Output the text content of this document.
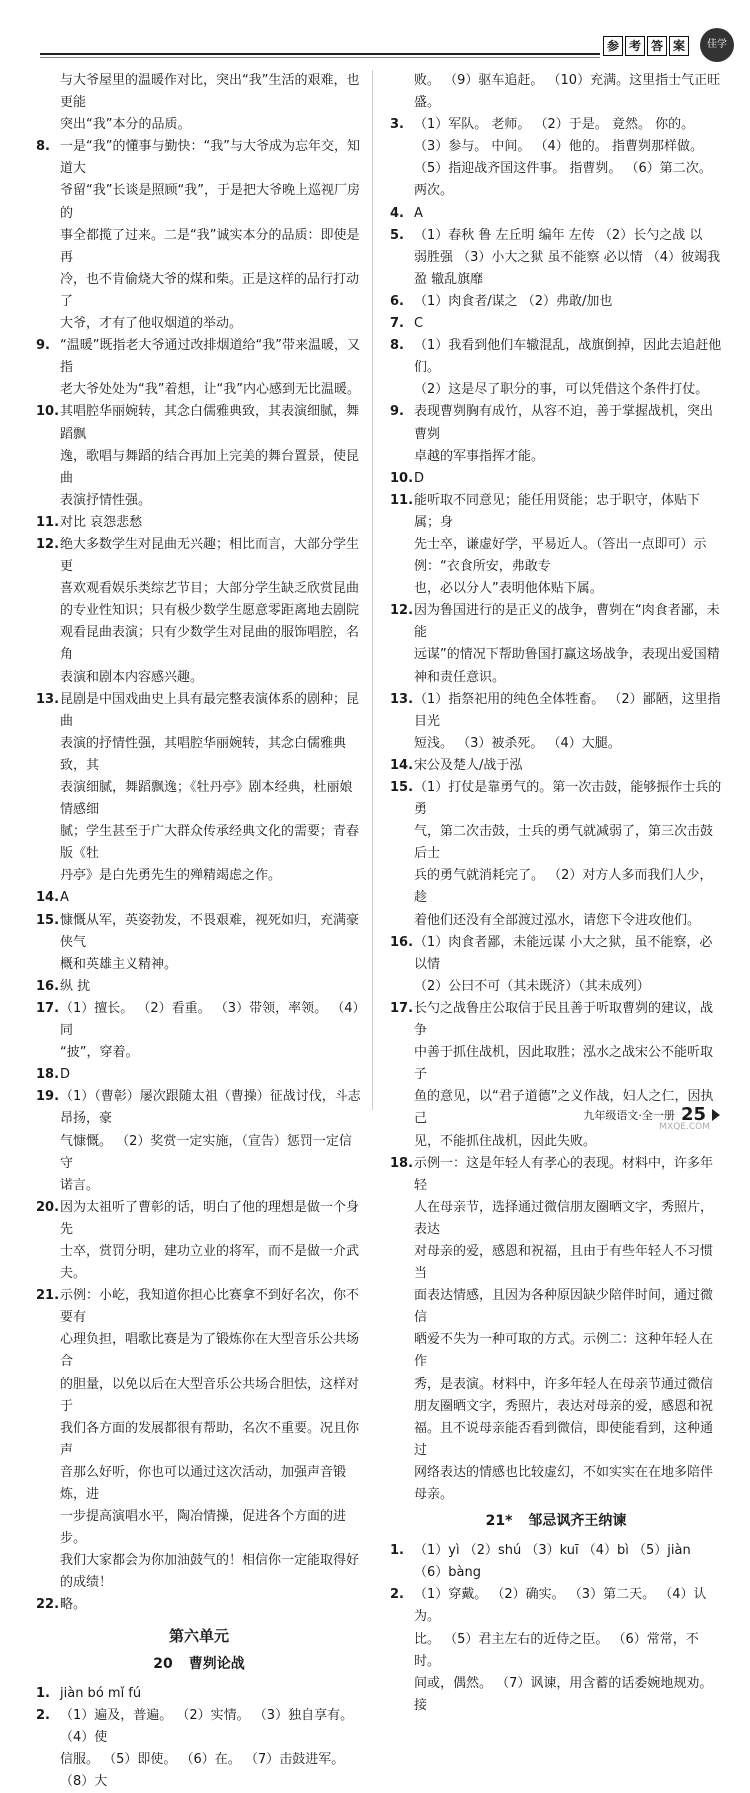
参 考 答 案	佳学
与大爷屋里的温暖作对比，突出“我”生活的艰难，也更能
突出“我”本分的品质。
8. 一是“我”的懂事与勤快：“我”与大爷成为忘年交，知道大
爷留“我”长谈是照顾“我”，于是把大爷晚上巡视厂房的
事全都揽了过来。二是“我”诚实本分的品质：即使是再
冷，也不肯偷烧大爷的煤和柴。正是这样的品行打动了
大爷，才有了他収烟道的举动。
9. “温暖”既指老大爷通过改排烟道给“我”带来温暖，又指
老大爷处处为“我”着想，让“我”内心感到无比温暖。
10. 其唱腔华丽婉转，其念白儒雅典致，其表演细腻，舞蹈飘
逸，歌唱与舞蹈的结合再加上完美的舞台置景，使昆曲
表演抒情性强。
11. 对比 哀怨悲愁
12. 绝大多数学生对昆曲无兴趣；相比而言，大部分学生更
喜欢观看娱乐类综艺节目；大部分学生缺乏欣赏昆曲
的专业性知识；只有极少数学生愿意零距离地去剧院
观看昆曲表演；只有少数学生对昆曲的服饰唱腔，名角
表演和剧本内容感兴趣。
13. 昆剧是中国戏曲史上具有最完整表演体系的剧种；昆曲
表演的抒情性强，其唱腔华丽婉转，其念白儒雅典致，其
表演细腻，舞蹈飘逸；《牡丹亭》剧本经典，杜丽娘情感细
腻；学生甚至于广大群众传承经典文化的需要；青春版《牡
丹亭》是白先勇先生的殚精竭虑之作。
14. A
15. 慷慨从军，英姿勃发，不畏艰难，视死如归，充满豪侠气
概和英雄主义精神。
16. 纵 扰
17. （1）擅长。 （2）看重。 （3）带领，率领。 （4）同
“披”，穿着。
18. D
19. （1）（曹彰）屡次跟随太祖（曹操）征战讨伐，斗志昂扬，豪
气慷慨。 （2）奖赏一定实施，（宣告）惩罚一定信守
诺言。
20. 因为太祖听了曹彰的话，明白了他的理想是做一个身先
士卒，赏罚分明，建功立业的将军，而不是做一介武夫。
21. 示例：小屹，我知道你担心比赛拿不到好名次，你不要有
心理负担，唱歌比赛是为了锻炼你在大型音乐公共场合
的胆量，以免以后在大型音乐公共场合胆怯，这样对于
我们各方面的发展都很有帮助，名次不重要。况且你声
音那么好听，你也可以通过这次活动，加强声音锻炼，进
一步提高演唱水平，陶冶情操，促进各个方面的进步。
我们大家都会为你加油鼓气的！相信你一定能取得好
的成绩！
22. 略。
第六单元
20 曹刿论战
1. jiàn bó mǐ fú
2. （1）遍及，普遍。 （2）实情。 （3）独自享有。 （4）使
信服。 （5）即使。 （6）在。 （7）击鼓进军。 （8）大
败。 （9）驱车追赶。 （10）充满。这里指士气正旺盛。
3. （1）军队。 老师。 （2）于是。 竟然。 你的。
（3）参与。 中间。 （4）他的。 指曹刿那样做。
（5）指迎战齐国这件事。 指曹刿。 （6）第二次。
两次。
4. A
5. （1）春秋 鲁 左丘明 编年 左传 （2）长勺之战 以
弱胜强 （3）小大之狱 虽不能察 必以情 （4）彼竭我
盈 辙乱旗靡
6. （1）肉食者/谋之 （2）弗敢/加也
7. C
8. （1）我看到他们车辙混乱，战旗倒掉，因此去追赶他们。
（2）这是尽了职分的事，可以凭借这个条件打仗。
9. 表现曹刿胸有成竹，从容不迫，善于掌握战机，突出曹刿
卓越的军事指挥才能。
10. D
11. 能听取不同意见；能任用贤能；忠于职守，体贴下属；身
先士卒，谦虚好学，平易近人。（答出一点即可）示例：“衣食所安，弗敢专
也，必以分人”表明他体贴下属。
12. 因为鲁国进行的是正义的战争，曹刿在“肉食者鄙，未能
远谋”的情况下帮助鲁国打赢这场战争，表现出爱国精
神和责任意识。
13. （1）指祭祀用的纯色全体牲畜。 （2）鄙陋，这里指目光
短浅。 （3）被杀死。 （4）大腿。
14. 宋公及楚人/战于泓
15. （1）打仗是靠勇气的。第一次击鼓，能够振作士兵的勇
气，第二次击鼓，士兵的勇气就减弱了，第三次击鼓后士
兵的勇气就消耗完了。 （2）对方人多而我们人少，趁
着他们还没有全部渡过泓水，请您下令进攻他们。
16. （1）肉食者鄙，未能远谋 小大之狱，虽不能察，必以情
（2）公曰不可（其未既济）（其未成列）
17. 长勺之战鲁庄公取信于民且善于听取曹刿的建议，战争
中善于抓住战机，因此取胜；泓水之战宋公不能听取子
鱼的意见，以“君子道德”之义作战，妇人之仁，因执己
见，不能抓住战机，因此失败。
18. 示例一：这是年轻人有孝心的表现。材料中，许多年轻
人在母亲节，选择通过微信朋友圈晒文字，秀照片，表达
对母亲的爱，感恩和祝福，且由于有些年轻人不习惯当
面表达情感，且因为各种原因缺少陪伴时间，通过微信
晒爱不失为一种可取的方式。示例二：这种年轻人在作
秀，是表演。材料中，许多年轻人在母亲节通过微信
朋友圈晒文字，秀照片，表达对母亲的爱，感恩和祝
福。且不说母亲能否看到微信，即使能看到，这种通过
网络表达的情感也比较虚幻，不如实实在在地多陪伴
母亲。
21* 邹忌讽齐王纳谏
1. （1）yì （2）shú （3）kuī （4）bì （5）jiàn （6）bàng
2. （1）穿戴。 （2）确实。 （3）第二天。 （4）认为。
比。 （5）君主左右的近侍之臣。 （6）常常，不时。
间或，偶然。 （7）讽谏，用含蓄的话委婉地规劝。 接
九年级语文·全一册 25
MXQE.COM
